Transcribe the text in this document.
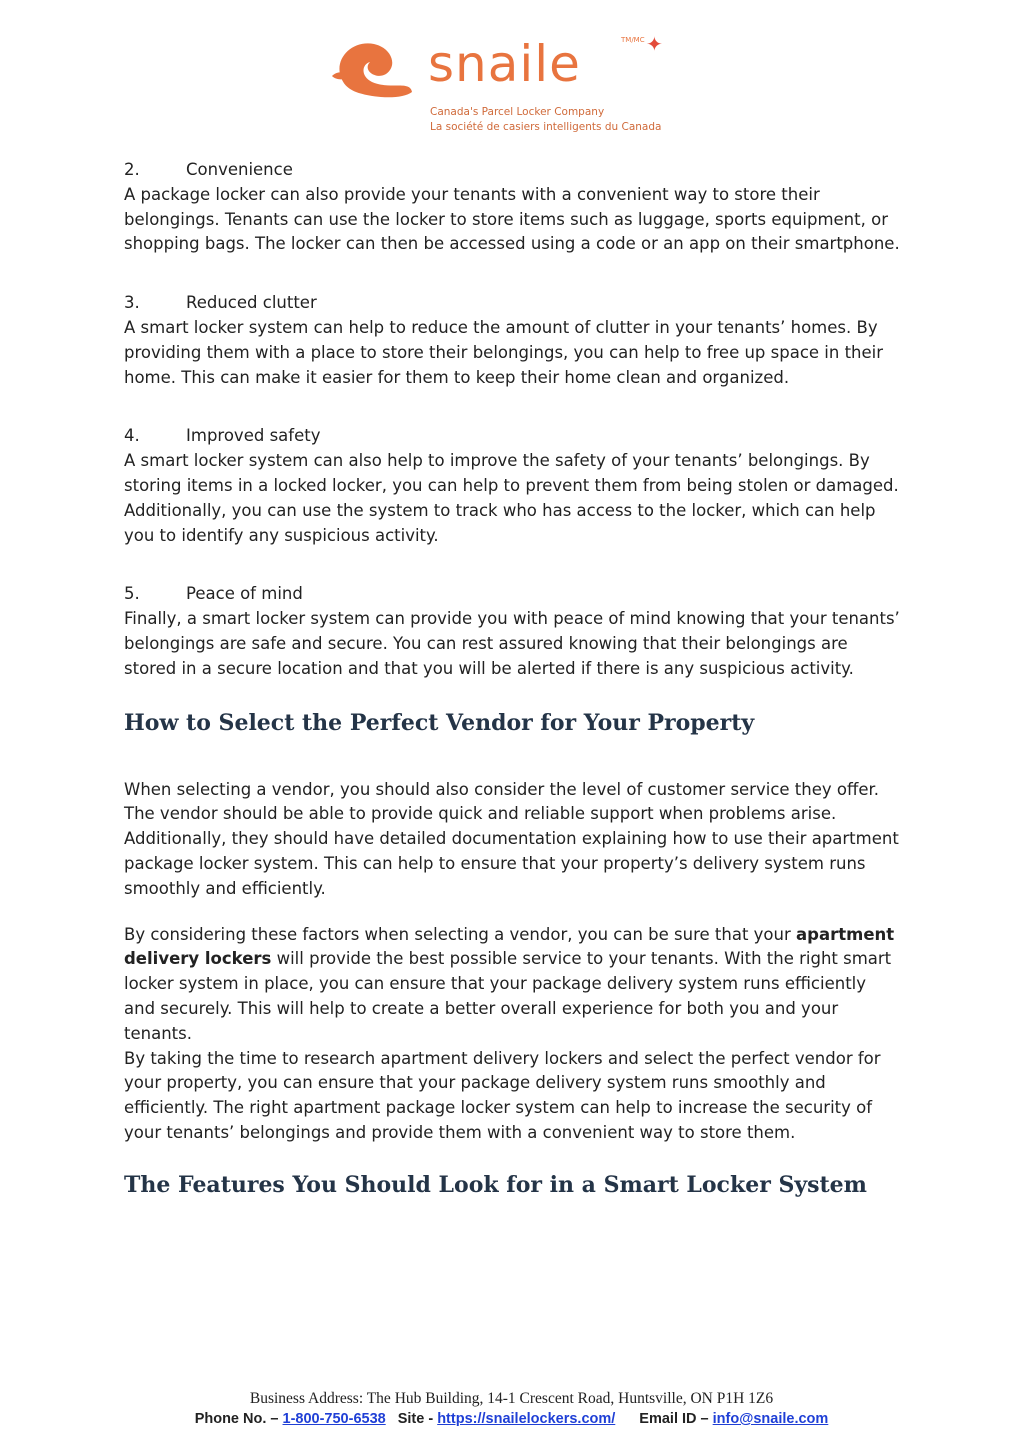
snaile	TM/MC ✦
Canada's Parcel Locker Company
La société de casiers intelligents du Canada
2.	Convenience

A package locker can also provide your tenants with a convenient way to store their belongings. Tenants can use the locker to store items such as luggage, sports equipment, or shopping bags. The locker can then be accessed using a code or an app on their smartphone.

3.	Reduced clutter

A smart locker system can help to reduce the amount of clutter in your tenants’ homes. By providing them with a place to store their belongings, you can help to free up space in their home. This can make it easier for them to keep their home clean and organized.

4.	Improved safety

A smart locker system can also help to improve the safety of your tenants’ belongings. By storing items in a locked locker, you can help to prevent them from being stolen or damaged. Additionally, you can use the system to track who has access to the locker, which can help you to identify any suspicious activity.

5.	Peace of mind

Finally, a smart locker system can provide you with peace of mind knowing that your tenants’ belongings are safe and secure. You can rest assured knowing that their belongings are stored in a secure location and that you will be alerted if there is any suspicious activity.

How to Select the Perfect Vendor for Your Property

When selecting a vendor, you should also consider the level of customer service they offer. The vendor should be able to provide quick and reliable support when problems arise. Additionally, they should have detailed documentation explaining how to use their apartment package locker system. This can help to ensure that your property’s delivery system runs smoothly and efficiently.

By considering these factors when selecting a vendor, you can be sure that your apartment delivery lockers will provide the best possible service to your tenants. With the right smart locker system in place, you can ensure that your package delivery system runs efficiently and securely. This will help to create a better overall experience for both you and your tenants.

By taking the time to research apartment delivery lockers and select the perfect vendor for your property, you can ensure that your package delivery system runs smoothly and efficiently. The right apartment package locker system can help to increase the security of your tenants’ belongings and provide them with a convenient way to store them.

The Features You Should Look for in a Smart Locker System
Business Address: The Hub Building, 14-1 Crescent Road, Huntsville, ON P1H 1Z6
Phone No. – 1-800-750-6538 Site - https://snailelockers.com/ Email ID – info@snaile.com
